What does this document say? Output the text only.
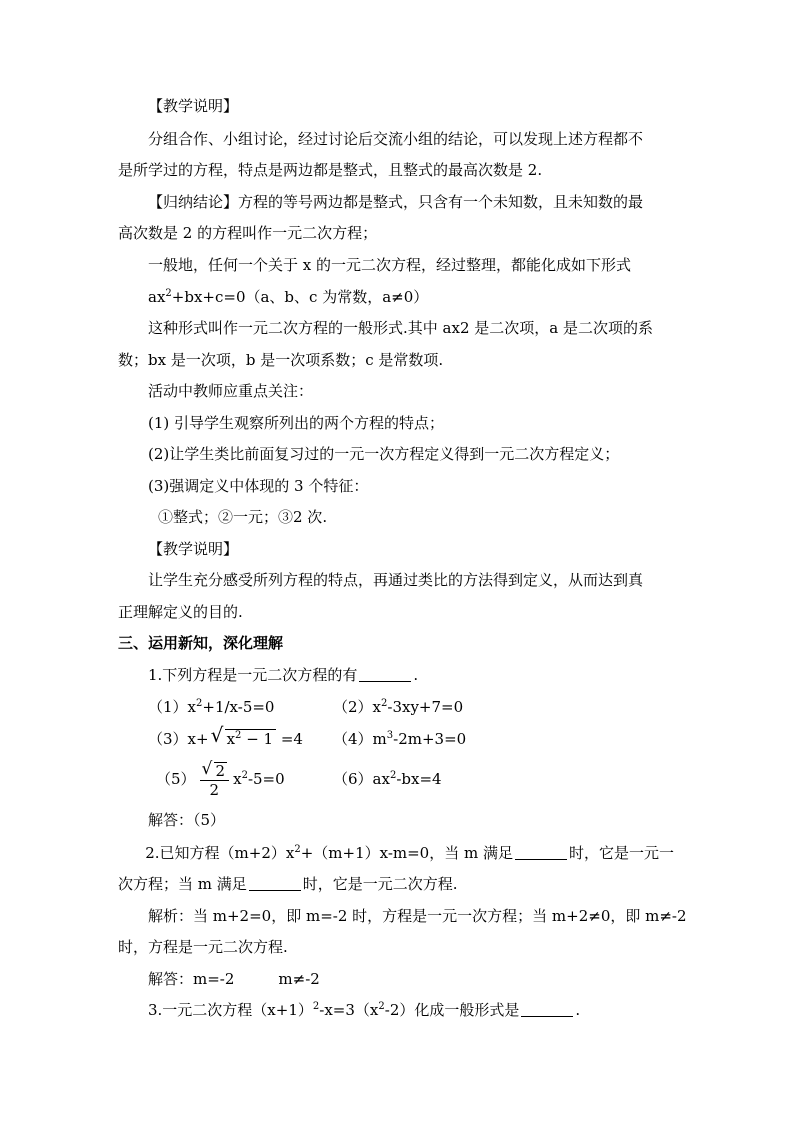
【教学说明】
分组合作、小组讨论，经过讨论后交流小组的结论，可以发现上述方程都不
是所学过的方程，特点是两边都是整式，且整式的最高次数是 2.
【归纳结论】方程的等号两边都是整式，只含有一个未知数，且未知数的最
高次数是 2 的方程叫作一元二次方程；
一般地，任何一个关于 x 的一元二次方程，经过整理，都能化成如下形式
$ax^2+bx+c=0(a$、b、c 为常数，a≠0）
这种形式叫作一元二次方程的一般形式.其中 ax2 是二次项，a 是二次项的系
数；bx 是一次项，b 是一次项系数；c 是常数项.
活动中教师应重点关注：
(1) 引导学生观察所列出的两个方程的特点；
(2)让学生类比前面复习过的一元一次方程定义得到一元二次方程定义；
(3)强调定义中体现的 3 个特征：
①整式；②一元；③2 次.
【教学说明】
让学生充分感受所列方程的特点，再通过类比的方法得到定义，从而达到真
正理解定义的目的.
三、运用新知，深化理解
1.下列方程是一元二次方程的有	.
$(1)x^2+1/x-5=0$	$(2)x^2-3xy+7=0$
（3）x+ √ $x^2 - 1 =4$ $(4)m^3-2m+3=0$
$(5) \frac{√ 2}{2} x^2-5=0$	$(6)ax^2-bx=4$
解答：（5）
2.已知方程$(m+2)x^2+(m+1)x-m=0$，当 m 满足	时，它是一元一
次方程；当 m 满足	时，它是一元二次方程.
解析：当 m+2=0，即 m=-2 时，方程是一元一次方程；当 m+2≠0，即 m≠-2
时，方程是一元二次方程.
解答：m=-2	m≠-2
3.一元二次方程$(x+1)^2-x=3(x^2-2)$化成一般形式是	.
